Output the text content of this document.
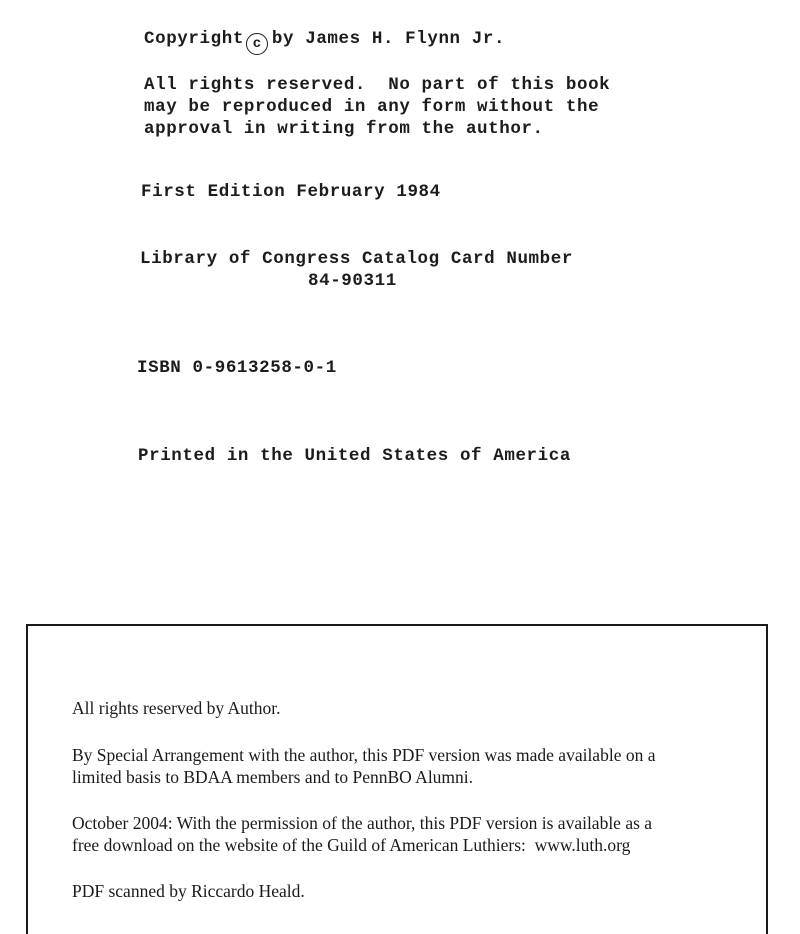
Copyright c by James H. Flynn Jr.

All rights reserved.  No part of this book
may be reproduced in any form without the
approval in writing from the author.

First Edition February 1984

Library of Congress Catalog Card Number

84-90311

ISBN 0-9613258-0-1

Printed in the United States of America

All rights reserved by Author.

By Special Arrangement with the author, this PDF version was made available on a
limited basis to BDAA members and to PennBO Alumni.

October 2004: With the permission of the author, this PDF version is available as a
free download on the website of the Guild of American Luthiers:  www.luth.org

PDF scanned by Riccardo Heald.
